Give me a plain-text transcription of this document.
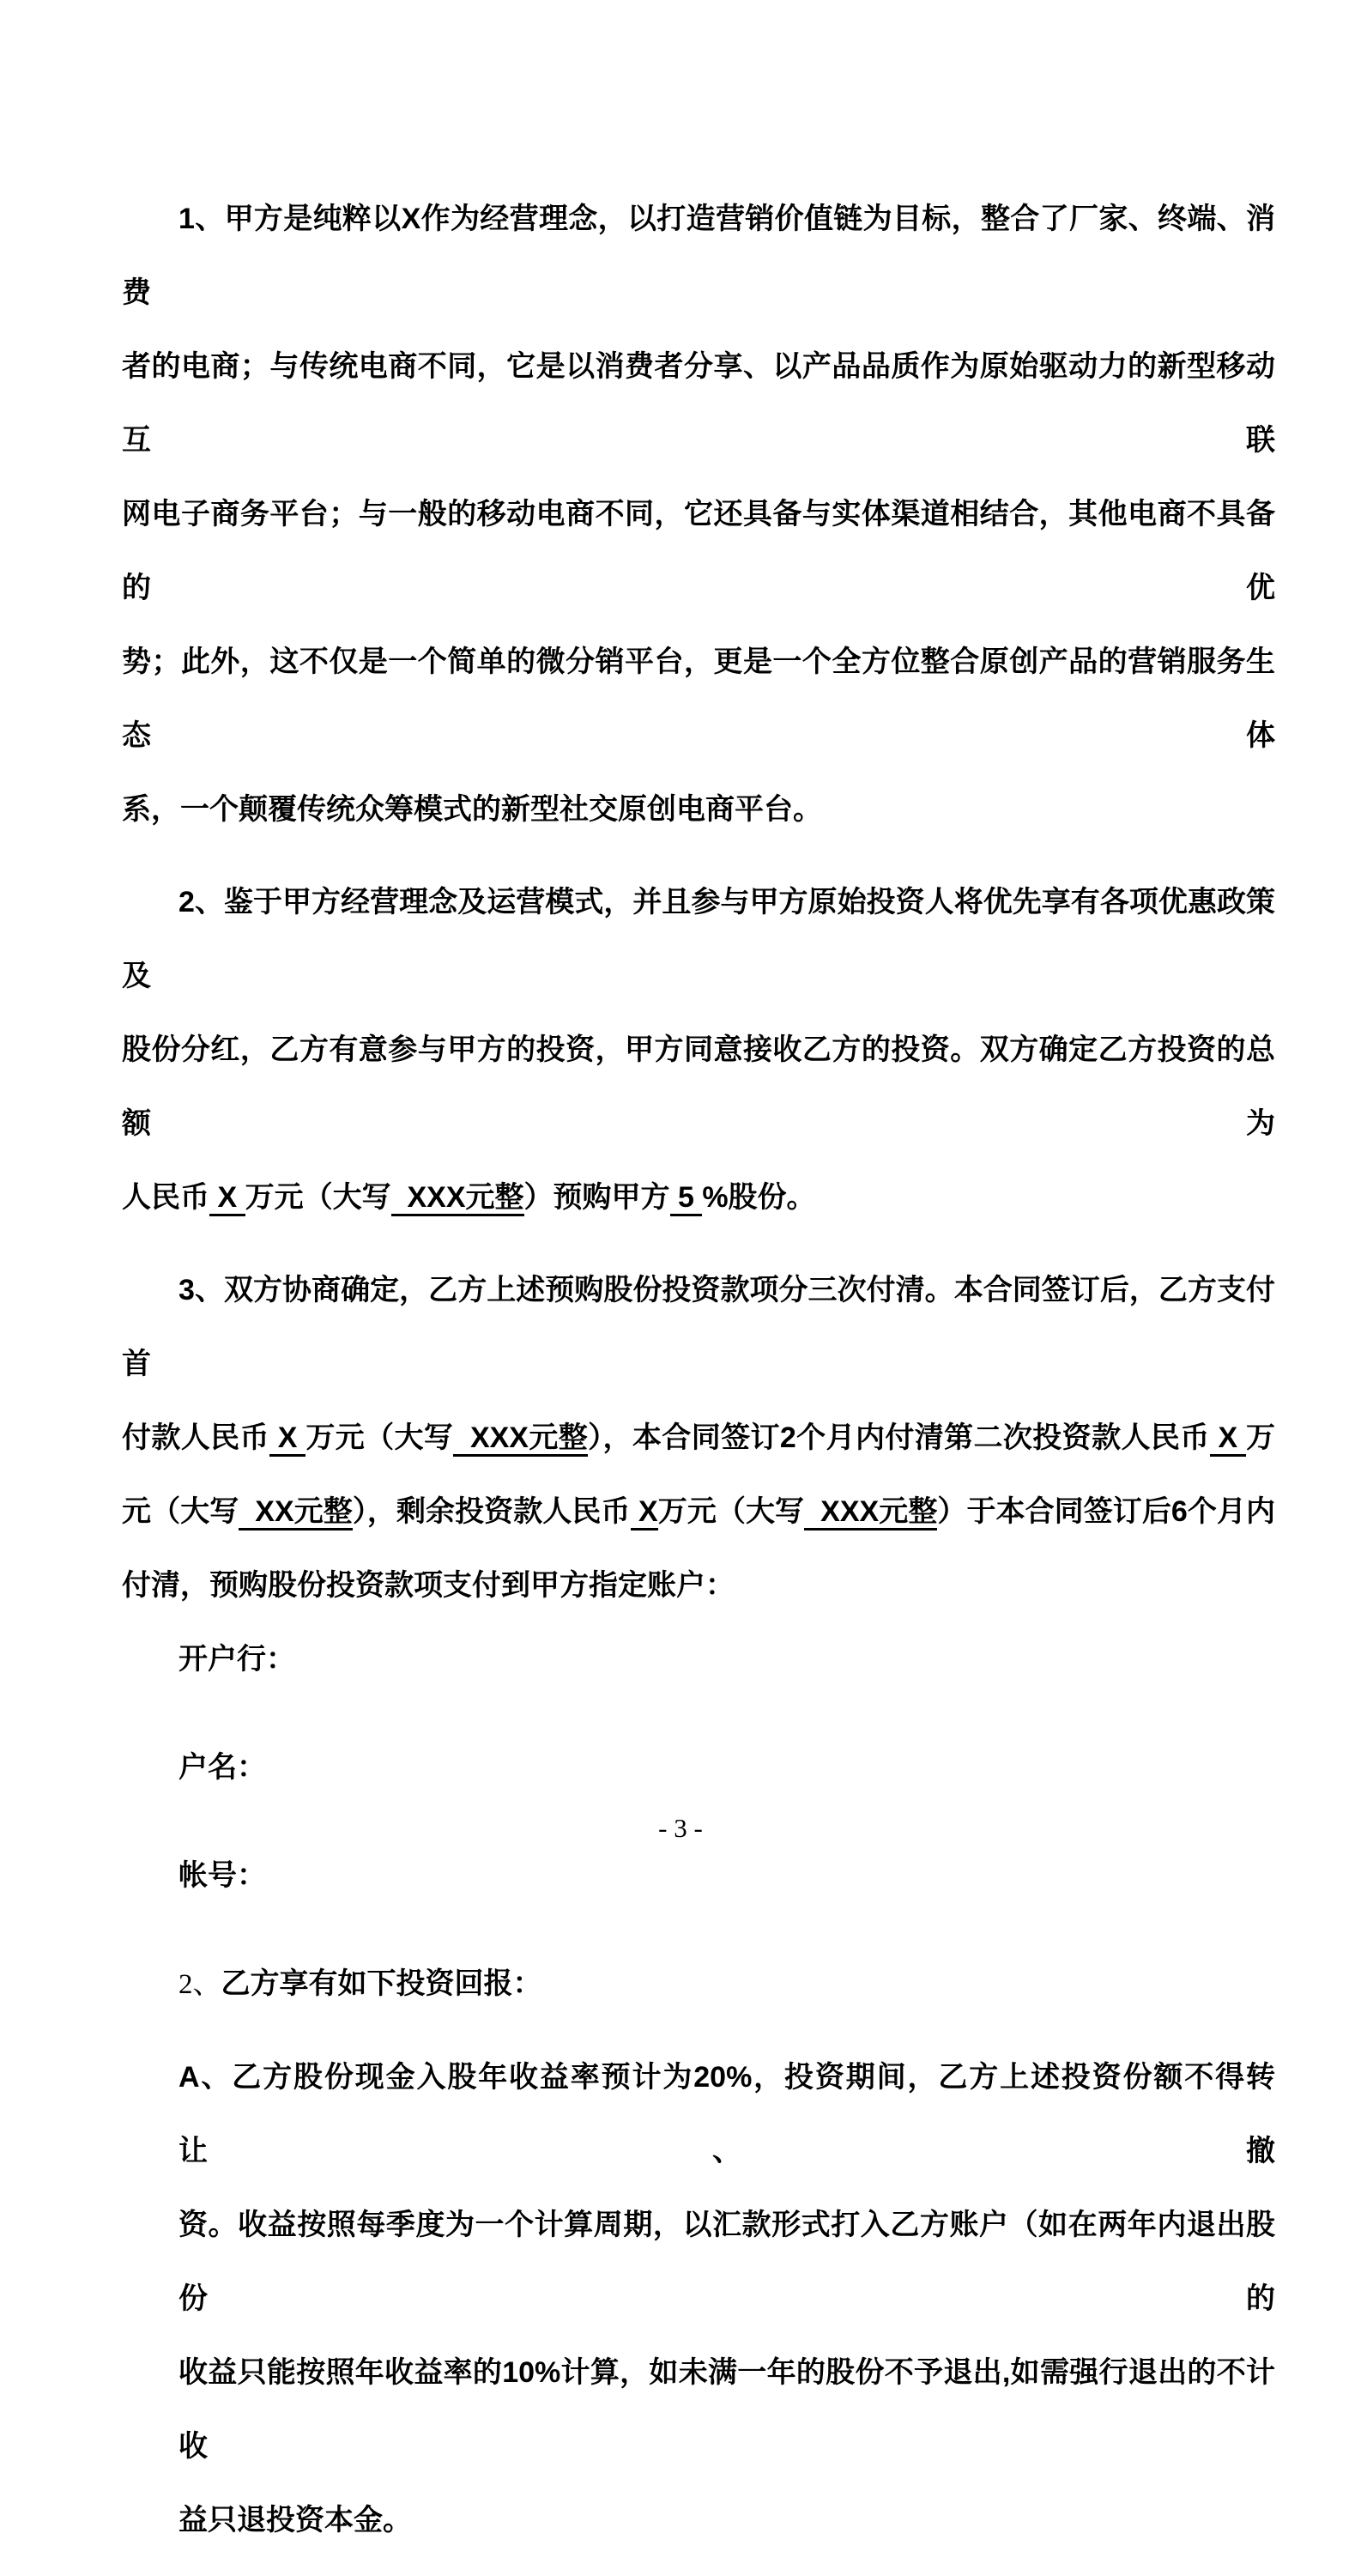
1、甲方是纯粹以X作为经营理念，以打造营销价值链为目标，整合了厂家、终端、消费
者的电商；与传统电商不同，它是以消费者分享、以产品品质作为原始驱动力的新型移动互联
网电子商务平台；与一般的移动电商不同，它还具备与实体渠道相结合，其他电商不具备的优
势；此外，这不仅是一个简单的微分销平台，更是一个全方位整合原创产品的营销服务生态体
系，一个颠覆传统众筹模式的新型社交原创电商平台。
2、鉴于甲方经营理念及运营模式，并且参与甲方原始投资人将优先享有各项优惠政策及
股份分红，乙方有意参与甲方的投资，甲方同意接收乙方的投资。双方确定乙方投资的总额为
人民币 X 万元（大写  XXX元整）预购甲方 5 %股份。
3、双方协商确定，乙方上述预购股份投资款项分三次付清。本合同签订后，乙方支付首
付款人民币 X 万元（大写  XXX元整），本合同签订2个月内付清第二次投资款人民币 X 万
元（大写  XX元整），剩余投资款人民币 X万元（大写  XXX元整）于本合同签订后6个月内
付清，预购股份投资款项支付到甲方指定账户：
开户行：
户名：
帐号：
2、乙方享有如下投资回报：
A、乙方股份现金入股年收益率预计为20%，投资期间，乙方上述投资份额不得转让、撤
资。收益按照每季度为一个计算周期，以汇款形式打入乙方账户（如在两年内退出股份的
收益只能按照年收益率的10%计算，如未满一年的股份不予退出,如需强行退出的不计收
益只退投资本金。
- 3 -
